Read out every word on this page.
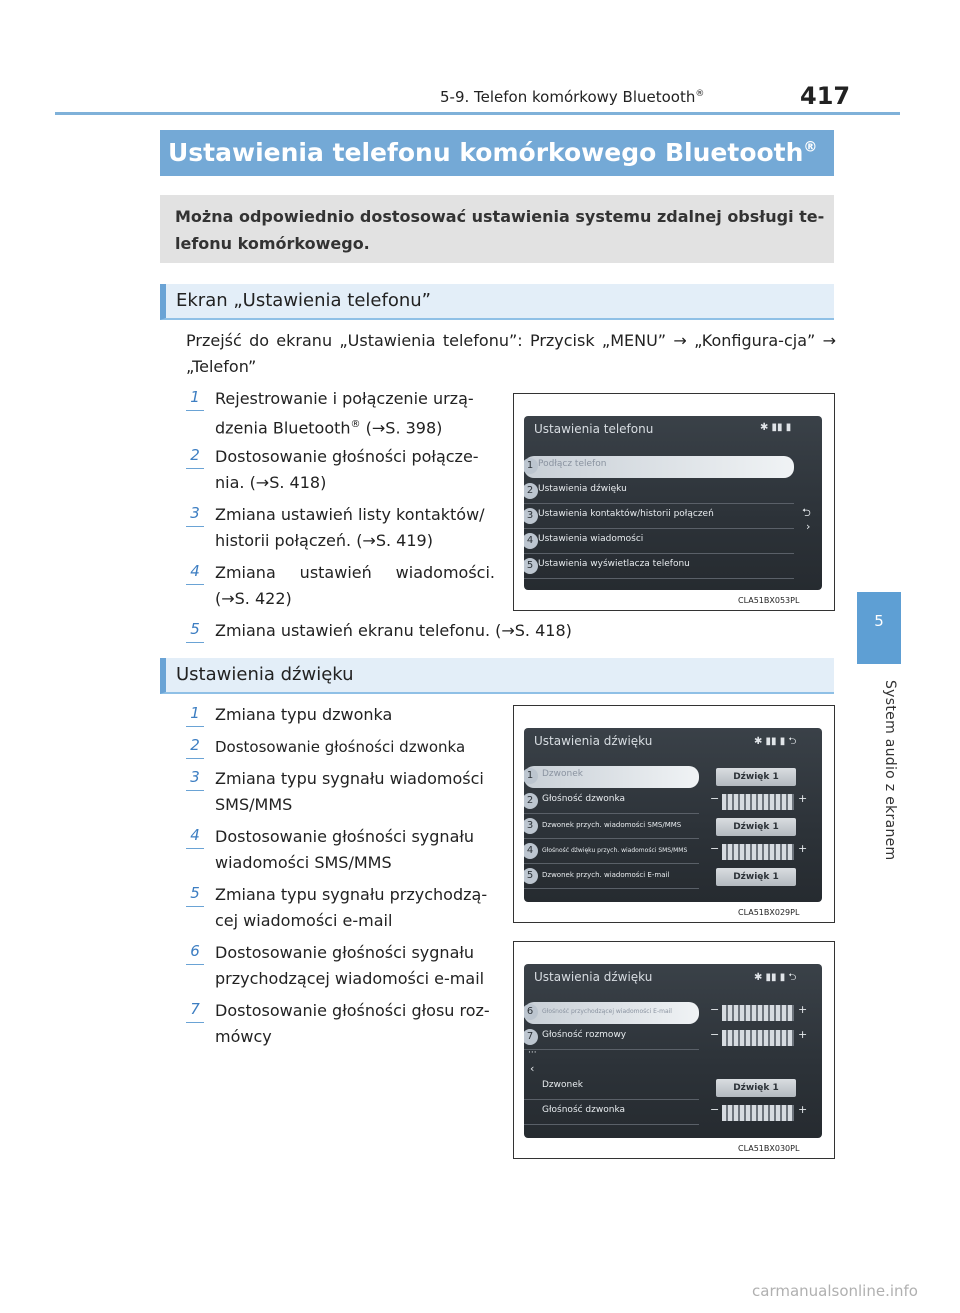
5-9. Telefon komórkowy Bluetooth®	417
5
System audio z ekranem
Ustawienia telefonu komórkowego Bluetooth®
Można odpowiednio dostosować ustawienia systemu zdalnej obsługi te-lefonu komórkowego.
Ekran „Ustawienia telefonu”
Przejść do ekranu „Ustawienia telefonu”: Przycisk „MENU” → „Konfigura-cja” → „Telefon”
1 Rejestrowanie i połączenie urzą-
dzenia Bluetooth® (→S. 398)
2 Dostosowanie głośności połącze-
nia. (→S. 418)
3 Zmiana ustawień listy kontaktów/
historii połączeń. (→S. 419)
4 Zmiana ustawień wiadomości.
(→S. 422)
5 Zmiana ustawień ekranu telefonu. (→S. 418)
Ustawienia telefonu	✱ ▮▮ ▮
1 Podłącz telefon
2 Ustawienia dźwięku
3 Ustawienia kontaktów/historii połączeń
4 Ustawienia wiadomości
5 Ustawienia wyświetlacza telefonu
⮌
›
CLA51BX053PL
Ustawienia dźwięku
1 Zmiana typu dzwonka
2 Dostosowanie głośności dzwonka
3 Zmiana typu sygnału wiadomości
SMS/MMS
4 Dostosowanie głośności sygnału
wiadomości SMS/MMS
5 Zmiana typu sygnału przychodzą-
cej wiadomości e-mail
6 Dostosowanie głośności sygnału
przychodzącej wiadomości e-mail
7 Dostosowanie głośności głosu roz-
mówcy
Ustawienia dźwięku	✱ ▮▮ ▮ ⮌
1 Dzwonek	Dźwięk 1
2 Głośność dzwonka	−	+
3	Dzwonek przych. wiadomości SMS/MMS	Dźwięk 1
4	Głośność dźwięku przych. wiadomości SMS/MMS −	+
5	Dzwonek przych. wiadomości E-mail	Dźwięk 1
CLA51BX029PL
Ustawienia dźwięku	✱ ▮▮ ▮ ⮌
6	Głośność przychodzącej wiadomości E-mail	−	+
7 Głośność rozmowy	−	+
···
‹
Dzwonek	Dźwięk 1
Głośność dzwonka	−	+
CLA51BX030PL
carmanualsonline.info
